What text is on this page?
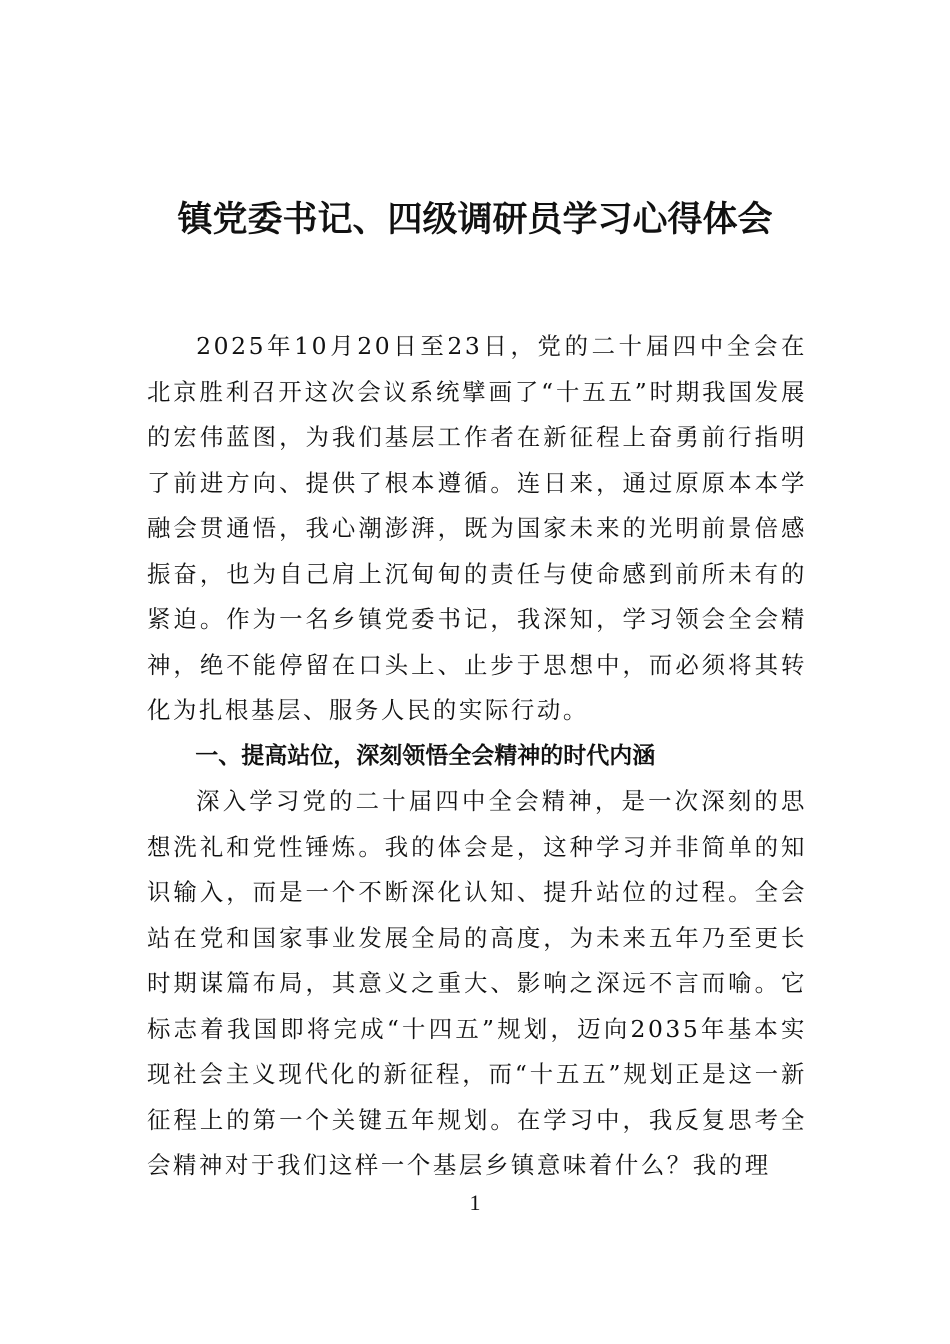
镇党委书记、四级调研员学习心得体会

2025年10月20日至23日，党的二十届四中全会在北京胜利召开这次会议系统擘画了“十五五”时期我国发展的宏伟蓝图，为我们基层工作者在新征程上奋勇前行指明了前进方向、提供了根本遵循。连日来，通过原原本本学融会贯通悟，我心潮澎湃，既为国家未来的光明前景倍感振奋，也为自己肩上沉甸甸的责任与使命感到前所未有的紧迫。作为一名乡镇党委书记，我深知，学习领会全会精神，绝不能停留在口头上、止步于思想中，而必须将其转化为扎根基层、服务人民的实际行动。

一、提高站位，深刻领悟全会精神的时代内涵

深入学习党的二十届四中全会精神，是一次深刻的思想洗礼和党性锤炼。我的体会是，这种学习并非简单的知识输入，而是一个不断深化认知、提升站位的过程。全会站在党和国家事业发展全局的高度，为未来五年乃至更长时期谋篇布局，其意义之重大、影响之深远不言而喻。它标志着我国即将完成“十四五”规划，迈向2035年基本实现社会主义现代化的新征程，而“十五五”规划正是这一新征程上的第一个关键五年规划。在学习中，我反复思考全会精神对于我们这样一个基层乡镇意味着什么？我的理

1
